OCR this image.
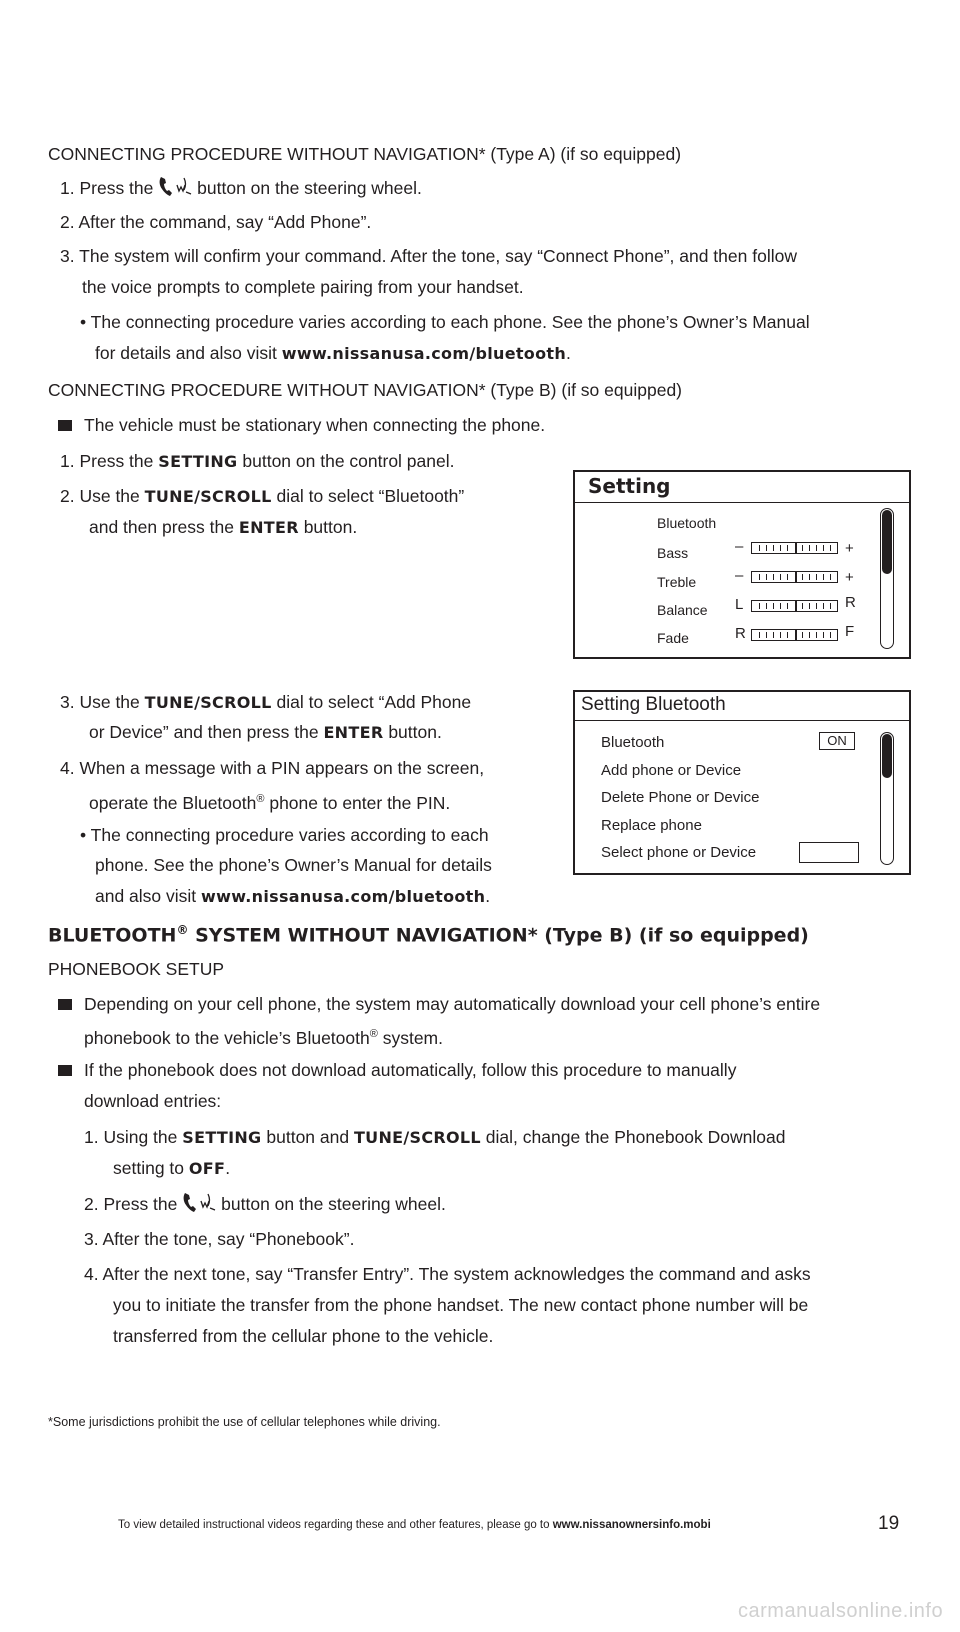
CONNECTING PROCEDURE WITHOUT NAVIGATION* (Type A) (if so equipped)
1. Press the	button on the steering wheel.
2. After the command, say “Add Phone”.
3. The system will confirm your command. After the tone, say “Connect Phone”, and then follow
the voice prompts to complete pairing from your handset.
• The connecting procedure varies according to each phone. See the phone’s Owner’s Manual
for details and also visit www.nissanusa.com/bluetooth.
CONNECTING PROCEDURE WITHOUT NAVIGATION* (Type B) (if so equipped)
The vehicle must be stationary when connecting the phone.
1. Press the SETTING button on the control panel.
2. Use the TUNE/SCROLL dial to select “Bluetooth”
and then press the ENTER button.
Setting
Bluetooth
Bass
Treble
Balance
Fade
–	+
–	+
L	R
R	F
3. Use the TUNE/SCROLL dial to select “Add Phone
or Device” and then press the ENTER button.
4. When a message with a PIN appears on the screen,
operate the Bluetooth® phone to enter the PIN.
• The connecting procedure varies according to each
phone. See the phone’s Owner’s Manual for details
and also visit www.nissanusa.com/bluetooth.
Setting Bluetooth
Bluetooth
Add phone or Device
Delete Phone or Device
Replace phone
Select phone or Device
ON
BLUETOOTH® SYSTEM WITHOUT NAVIGATION* (Type B) (if so equipped)
PHONEBOOK SETUP
Depending on your cell phone, the system may automatically download your cell phone’s entire
phonebook to the vehicle’s Bluetooth® system.
If the phonebook does not download automatically, follow this procedure to manually
download entries:
1. Using the SETTING button and TUNE/SCROLL dial, change the Phonebook Download
setting to OFF.
2. Press the	button on the steering wheel.
3. After the tone, say “Phonebook”.
4. After the next tone, say “Transfer Entry”. The system acknowledges the command and asks
you to initiate the transfer from the phone handset. The new contact phone number will be
transferred from the cellular phone to the vehicle.
*Some jurisdictions prohibit the use of cellular telephones while driving.
To view detailed instructional videos regarding these and other features, please go to www.nissanownersinfo.mobi	19
carmanualsonline.info
